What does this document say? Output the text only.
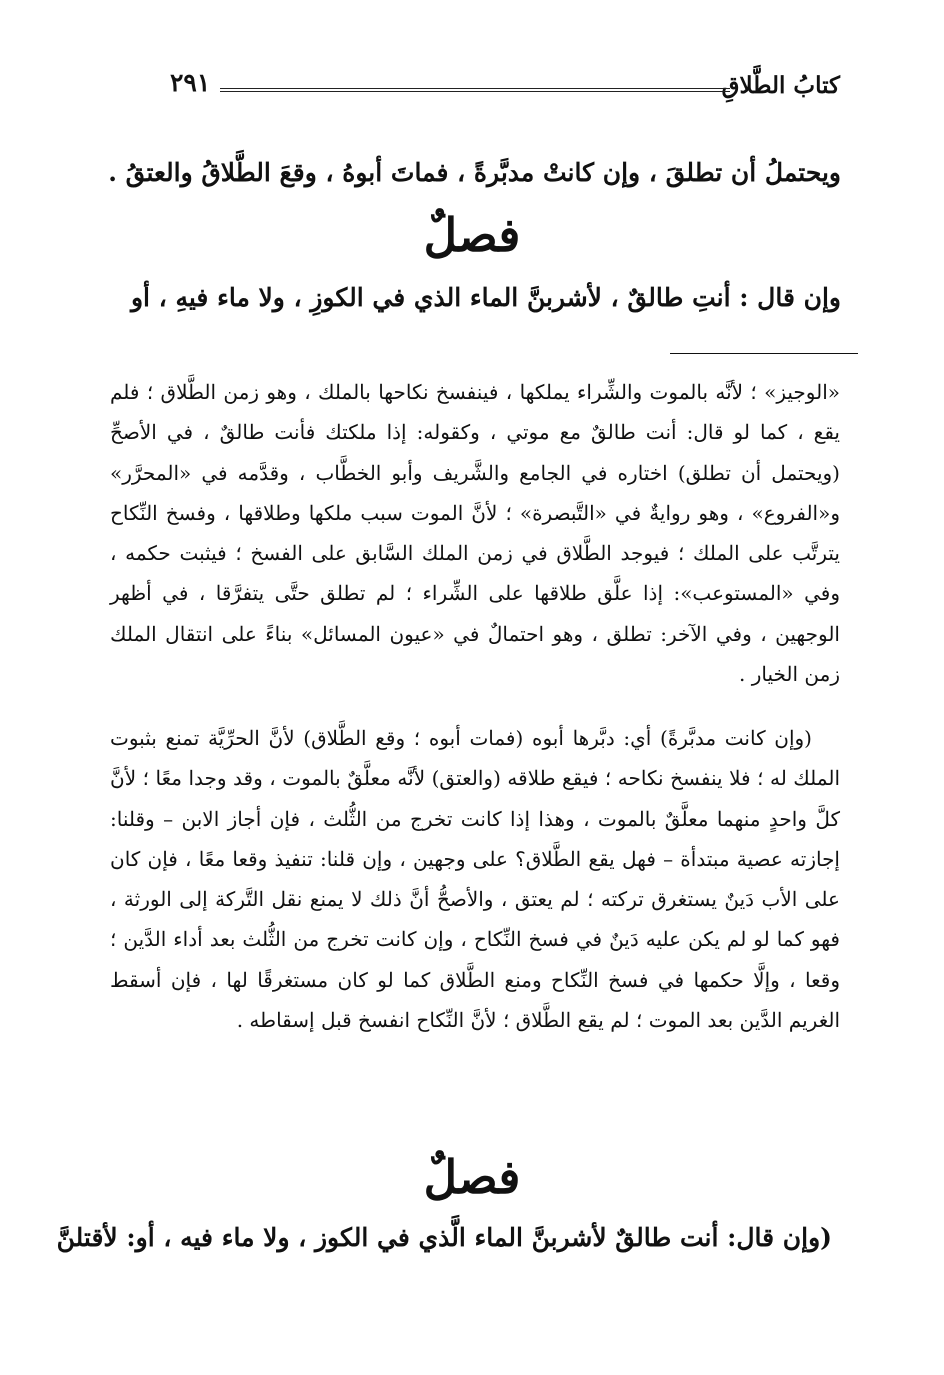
كتابُ الطَّلاقِ
٢٩١
ويحتملُ أن تطلقَ ، وإن كانتْ مدبَّرةً ، فماتَ أبوهُ ، وقعَ الطَّلاقُ والعتقُ .
فصلٌ
وإن قال : أنتِ طالقٌ ، لأشربنَّ الماء الذي في الكوزِ ، ولا ماء فيهِ ، أو
«الوجيز» ؛ لأنَّه بالموت والشِّراء يملكها ، فينفسخ نكاحها بالملك ، وهو زمن الطَّلاق ؛ فلم يقع ، كما لو قال: أنت طالقٌ مع موتي ، وكقوله: إذا ملكتك فأنت طالقٌ ، في الأصحِّ (ويحتمل أن تطلق) اختاره في الجامع والشَّريف وأبو الخطَّاب ، وقدَّمه في «المحرَّر» و«الفروع» ، وهو روايةٌ في «التَّبصرة» ؛ لأنَّ الموت سبب ملكها وطلاقها ، وفسخ النِّكاح يترتَّب على الملك ؛ فيوجد الطَّلاق في زمن الملك السَّابق على الفسخ ؛ فيثبت حكمه ، وفي «المستوعب»: إذا علَّق طلاقها على الشِّراء ؛ لم تطلق حتَّى يتفرَّقا ، في أظهر الوجهين ، وفي الآخر: تطلق ، وهو احتمالٌ في «عيون المسائل» بناءً على انتقال الملك زمن الخيار .
(وإن كانت مدبَّرةً) أي: دبَّرها أبوه (فمات أبوه ؛ وقع الطَّلاق) لأنَّ الحرِّيَّة تمنع بثبوت الملك له ؛ فلا ينفسخ نكاحه ؛ فيقع طلاقه (والعتق) لأنَّه معلَّقٌ بالموت ، وقد وجدا معًا ؛ لأنَّ كلَّ واحدٍ منهما معلَّقٌ بالموت ، وهذا إذا كانت تخرج من الثُّلث ، فإن أجاز الابن – وقلنا: إجازته عصية مبتدأة – فهل يقع الطَّلاق؟ على وجهين ، وإن قلنا: تنفيذ وقعا معًا ، فإن كان على الأب دَينٌ يستغرق تركته ؛ لم يعتق ، والأصحُّ أنَّ ذلك لا يمنع نقل التَّركة إلى الورثة ، فهو كما لو لم يكن عليه دَينٌ في فسخ النِّكاح ، وإن كانت تخرج من الثُّلث بعد أداء الدَّين ؛ وقعا ، وإلَّا حكمها في فسخ النِّكاح ومنع الطَّلاق كما لو كان مستغرقًا لها ، فإن أسقط الغريم الدَّين بعد الموت ؛ لم يقع الطَّلاق ؛ لأنَّ النِّكاح انفسخ قبل إسقاطه .
فصلٌ
(وإن قال: أنت طالقٌ لأشربنَّ الماء الَّذي في الكوز ، ولا ماء فيه ، أو: لأقتلنَّ
